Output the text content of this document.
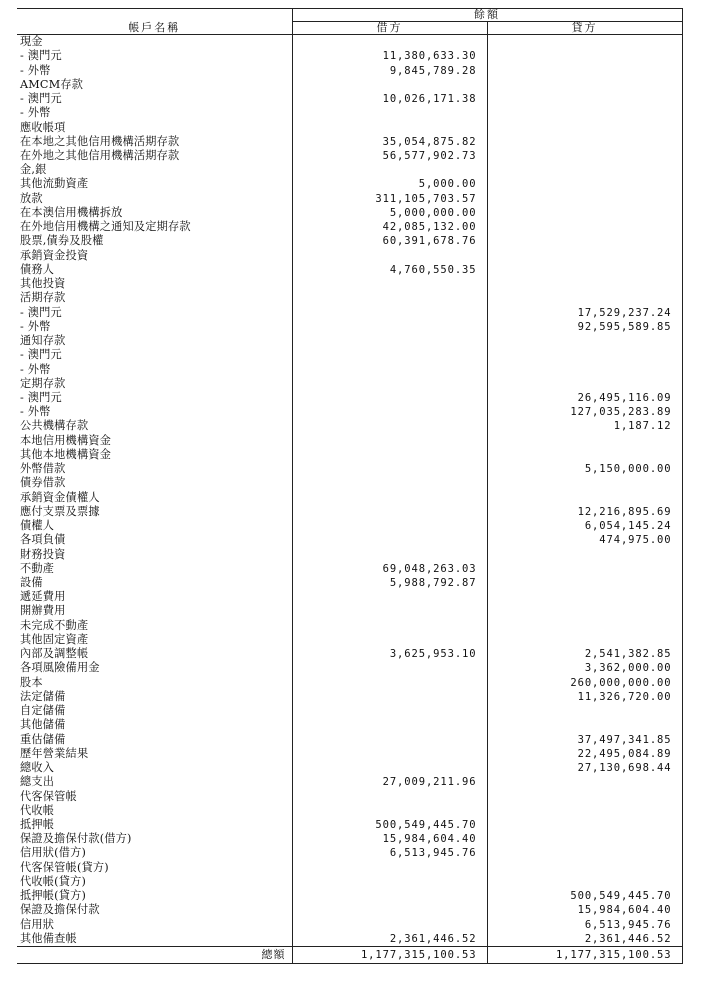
	餘額	
帳戶名稱	借方	貸方
現金		
- 澳門元	11,380,633.30	
- 外幣	9,845,789.28	
AMCM存款		
- 澳門元	10,026,171.38	
- 外幣		
應收帳項		
在本地之其他信用機構活期存款	35,054,875.82	
在外地之其他信用機構活期存款	56,577,902.73	
金,銀		
其他流動資產	5,000.00	
放款	311,105,703.57	
在本澳信用機構拆放	5,000,000.00	
在外地信用機構之通知及定期存款	42,085,132.00	
股票,債券及股權	60,391,678.76	
承銷資金投資		
債務人	4,760,550.35	
其他投資		
活期存款		
- 澳門元		17,529,237.24
- 外幣		92,595,589.85
通知存款		
- 澳門元		
- 外幣		
定期存款		
- 澳門元		26,495,116.09
- 外幣		127,035,283.89
公共機構存款		1,187.12
本地信用機構資金		
其他本地機構資金		
外幣借款		5,150,000.00
債券借款		
承銷資金債權人		
應付支票及票據		12,216,895.69
債權人		6,054,145.24
各項負債		474,975.00
財務投資		
不動產	69,048,263.03	
設備	5,988,792.87	
遞延費用		
開辦費用		
未完成不動產		
其他固定資產		
內部及調整帳	3,625,953.10	2,541,382.85
各項風險備用金		3,362,000.00
股本		260,000,000.00
法定儲備		11,326,720.00
自定儲備		
其他儲備		
重估儲備		37,497,341.85
歷年營業結果		22,495,084.89
總收入		27,130,698.44
總支出	27,009,211.96	
代客保管帳		
代收帳		
抵押帳	500,549,445.70	
保證及擔保付款(借方)	15,984,604.40	
信用狀(借方)	6,513,945.76	
代客保管帳(貸方)		
代收帳(貸方)		
抵押帳(貸方)		500,549,445.70
保證及擔保付款		15,984,604.40
信用狀		6,513,945.76
其他備查帳	2,361,446.52	2,361,446.52
總額	1,177,315,100.53	1,177,315,100.53
